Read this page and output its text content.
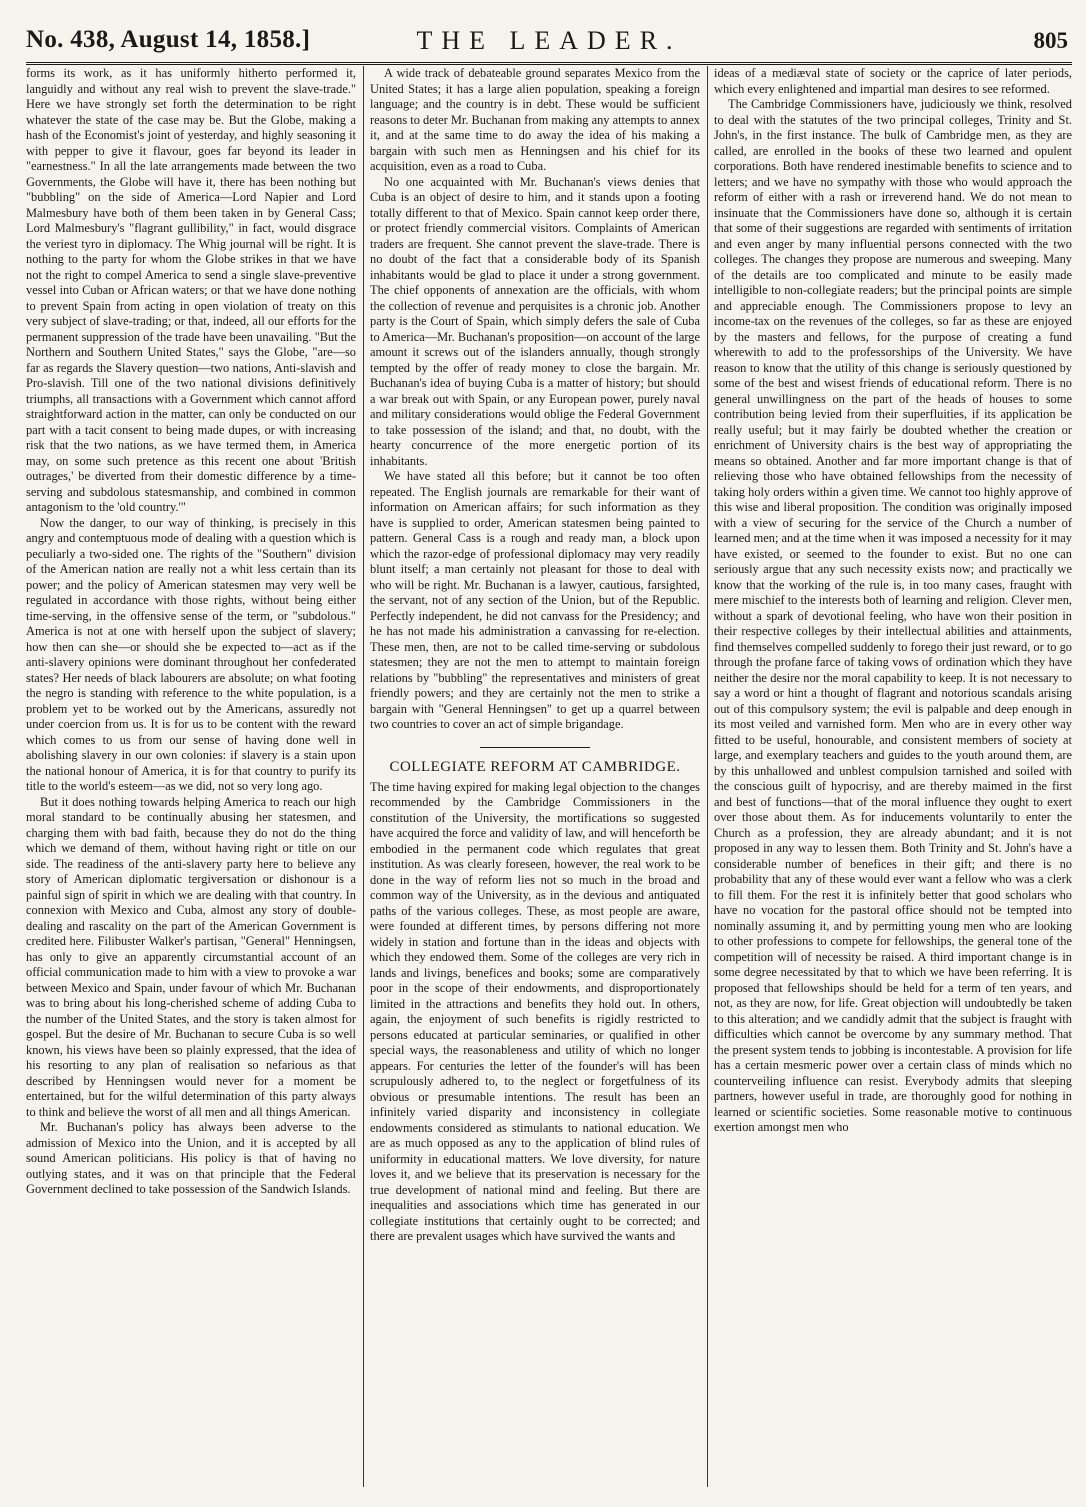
No. 438, August 14, 1858.]	THE LEADER.	805

forms its work, as it has uniformly hitherto performed it, languidly and without any real wish to prevent the slave-trade." Here we have strongly set forth the determination to be right whatever the state of the case may be. But the Globe, making a hash of the Economist's joint of yesterday, and highly seasoning it with pepper to give it flavour, goes far beyond its leader in "earnestness." In all the late arrangements made between the two Governments, the Globe will have it, there has been nothing but "bubbling" on the side of America—Lord Napier and Lord Malmesbury have both of them been taken in by General Cass; Lord Malmesbury's "flagrant gullibility," in fact, would disgrace the veriest tyro in diplomacy. The Whig journal will be right. It is nothing to the party for whom the Globe strikes in that we have not the right to compel America to send a single slave-preventive vessel into Cuban or African waters; or that we have done nothing to prevent Spain from acting in open violation of treaty on this very subject of slave-trading; or that, indeed, all our efforts for the permanent suppression of the trade have been unavailing. "But the Northern and Southern United States," says the Globe, "are—so far as regards the Slavery question—two nations, Anti-slavish and Pro-slavish. Till one of the two national divisions definitively triumphs, all transactions with a Government which cannot afford straightforward action in the matter, can only be conducted on our part with a tacit consent to being made dupes, or with increasing risk that the two nations, as we have termed them, in America may, on some such pretence as this recent one about 'British outrages,' be diverted from their domestic difference by a time-serving and subdolous statesmanship, and combined in common antagonism to the 'old country.'"

Now the danger, to our way of thinking, is precisely in this angry and contemptuous mode of dealing with a question which is peculiarly a two-sided one. The rights of the "Southern" division of the American nation are really not a whit less certain than its power; and the policy of American statesmen may very well be regulated in accordance with those rights, without being either time-serving, in the offensive sense of the term, or "subdolous." America is not at one with herself upon the subject of slavery; how then can she—or should she be expected to—act as if the anti-slavery opinions were dominant throughout her confederated states? Her needs of black labourers are absolute; on what footing the negro is standing with reference to the white population, is a problem yet to be worked out by the Americans, assuredly not under coercion from us. It is for us to be content with the reward which comes to us from our sense of having done well in abolishing slavery in our own colonies: if slavery is a stain upon the national honour of America, it is for that country to purify its title to the world's esteem—as we did, not so very long ago.

But it does nothing towards helping America to reach our high moral standard to be continually abusing her statesmen, and charging them with bad faith, because they do not do the thing which we demand of them, without having right or title on our side. The readiness of the anti-slavery party here to believe any story of American diplomatic tergiversation or dishonour is a painful sign of spirit in which we are dealing with that country. In connexion with Mexico and Cuba, almost any story of double-dealing and rascality on the part of the American Government is credited here. Filibuster Walker's partisan, "General" Henningsen, has only to give an apparently circumstantial account of an official communication made to him with a view to provoke a war between Mexico and Spain, under favour of which Mr. Buchanan was to bring about his long-cherished scheme of adding Cuba to the number of the United States, and the story is taken almost for gospel. But the desire of Mr. Buchanan to secure Cuba is so well known, his views have been so plainly expressed, that the idea of his resorting to any plan of realisation so nefarious as that described by Henningsen would never for a moment be entertained, but for the wilful determination of this party always to think and believe the worst of all men and all things American.

Mr. Buchanan's policy has always been adverse to the admission of Mexico into the Union, and it is accepted by all sound American politicians. His policy is that of having no outlying states, and it was on that principle that the Federal Government declined to take possession of the Sandwich Islands.

A wide track of debateable ground separates Mexico from the United States; it has a large alien population, speaking a foreign language; and the country is in debt. These would be sufficient reasons to deter Mr. Buchanan from making any attempts to annex it, and at the same time to do away the idea of his making a bargain with such men as Henningsen and his chief for its acquisition, even as a road to Cuba.

No one acquainted with Mr. Buchanan's views denies that Cuba is an object of desire to him, and it stands upon a footing totally different to that of Mexico. Spain cannot keep order there, or protect friendly commercial visitors. Complaints of American traders are frequent. She cannot prevent the slave-trade. There is no doubt of the fact that a considerable body of its Spanish inhabitants would be glad to place it under a strong government. The chief opponents of annexation are the officials, with whom the collection of revenue and perquisites is a chronic job. Another party is the Court of Spain, which simply defers the sale of Cuba to America—Mr. Buchanan's proposition—on account of the large amount it screws out of the islanders annually, though strongly tempted by the offer of ready money to close the bargain. Mr. Buchanan's idea of buying Cuba is a matter of history; but should a war break out with Spain, or any European power, purely naval and military considerations would oblige the Federal Government to take possession of the island; and that, no doubt, with the hearty concurrence of the more energetic portion of its inhabitants.

We have stated all this before; but it cannot be too often repeated. The English journals are remarkable for their want of information on American affairs; for such information as they have is supplied to order, American statesmen being painted to pattern. General Cass is a rough and ready man, a block upon which the razor-edge of professional diplomacy may very readily blunt itself; a man certainly not pleasant for those to deal with who will be right. Mr. Buchanan is a lawyer, cautious, farsighted, the servant, not of any section of the Union, but of the Republic. Perfectly independent, he did not canvass for the Presidency; and he has not made his administration a canvassing for re-election. These men, then, are not to be called time-serving or subdolous statesmen; they are not the men to attempt to maintain foreign relations by "bubbling" the representatives and ministers of great friendly powers; and they are certainly not the men to strike a bargain with "General Henningsen" to get up a quarrel between two countries to cover an act of simple brigandage.

COLLEGIATE REFORM AT CAMBRIDGE.

The time having expired for making legal objection to the changes recommended by the Cambridge Commissioners in the constitution of the University, the mortifications so suggested have acquired the force and validity of law, and will henceforth be embodied in the permanent code which regulates that great institution. As was clearly foreseen, however, the real work to be done in the way of reform lies not so much in the broad and common way of the University, as in the devious and antiquated paths of the various colleges. These, as most people are aware, were founded at different times, by persons differing not more widely in station and fortune than in the ideas and objects with which they endowed them. Some of the colleges are very rich in lands and livings, benefices and books; some are comparatively poor in the scope of their endowments, and disproportionately limited in the attractions and benefits they hold out. In others, again, the enjoyment of such benefits is rigidly restricted to persons educated at particular seminaries, or qualified in other special ways, the reasonableness and utility of which no longer appears. For centuries the letter of the founder's will has been scrupulously adhered to, to the neglect or forgetfulness of its obvious or presumable intentions. The result has been an infinitely varied disparity and inconsistency in collegiate endowments considered as stimulants to national education. We are as much opposed as any to the application of blind rules of uniformity in educational matters. We love diversity, for nature loves it, and we believe that its preservation is necessary for the true development of national mind and feeling. But there are inequalities and associations which time has generated in our collegiate institutions that certainly ought to be corrected; and there are prevalent usages which have survived the wants and

ideas of a mediæval state of society or the caprice of later periods, which every enlightened and impartial man desires to see reformed.

The Cambridge Commissioners have, judiciously we think, resolved to deal with the statutes of the two principal colleges, Trinity and St. John's, in the first instance. The bulk of Cambridge men, as they are called, are enrolled in the books of these two learned and opulent corporations. Both have rendered inestimable benefits to science and to letters; and we have no sympathy with those who would approach the reform of either with a rash or irreverend hand. We do not mean to insinuate that the Commissioners have done so, although it is certain that some of their suggestions are regarded with sentiments of irritation and even anger by many influential persons connected with the two colleges. The changes they propose are numerous and sweeping. Many of the details are too complicated and minute to be easily made intelligible to non-collegiate readers; but the principal points are simple and appreciable enough. The Commissioners propose to levy an income-tax on the revenues of the colleges, so far as these are enjoyed by the masters and fellows, for the purpose of creating a fund wherewith to add to the professorships of the University. We have reason to know that the utility of this change is seriously questioned by some of the best and wisest friends of educational reform. There is no general unwillingness on the part of the heads of houses to some contribution being levied from their superfluities, if its application be really useful; but it may fairly be doubted whether the creation or enrichment of University chairs is the best way of appropriating the means so obtained. Another and far more important change is that of relieving those who have obtained fellowships from the necessity of taking holy orders within a given time. We cannot too highly approve of this wise and liberal proposition. The condition was originally imposed with a view of securing for the service of the Church a number of learned men; and at the time when it was imposed a necessity for it may have existed, or seemed to the founder to exist. But no one can seriously argue that any such necessity exists now; and practically we know that the working of the rule is, in too many cases, fraught with mere mischief to the interests both of learning and religion. Clever men, without a spark of devotional feeling, who have won their position in their respective colleges by their intellectual abilities and attainments, find themselves compelled suddenly to forego their just reward, or to go through the profane farce of taking vows of ordination which they have neither the desire nor the moral capability to keep. It is not necessary to say a word or hint a thought of flagrant and notorious scandals arising out of this compulsory system; the evil is palpable and deep enough in its most veiled and varnished form. Men who are in every other way fitted to be useful, honourable, and consistent members of society at large, and exemplary teachers and guides to the youth around them, are by this unhallowed and unblest compulsion tarnished and soiled with the conscious guilt of hypocrisy, and are thereby maimed in the first and best of functions—that of the moral influence they ought to exert over those about them. As for inducements voluntarily to enter the Church as a profession, they are already abundant; and it is not proposed in any way to lessen them. Both Trinity and St. John's have a considerable number of benefices in their gift; and there is no probability that any of these would ever want a fellow who was a clerk to fill them. For the rest it is infinitely better that good scholars who have no vocation for the pastoral office should not be tempted into nominally assuming it, and by permitting young men who are looking to other professions to compete for fellowships, the general tone of the competition will of necessity be raised. A third important change is in some degree necessitated by that to which we have been referring. It is proposed that fellowships should be held for a term of ten years, and not, as they are now, for life. Great objection will undoubtedly be taken to this alteration; and we candidly admit that the subject is fraught with difficulties which cannot be overcome by any summary method. That the present system tends to jobbing is incontestable. A provision for life has a certain mesmeric power over a certain class of minds which no counterveiling influence can resist. Everybody admits that sleeping partners, however useful in trade, are thoroughly good for nothing in learned or scientific societies. Some reasonable motive to continuous exertion amongst men who
